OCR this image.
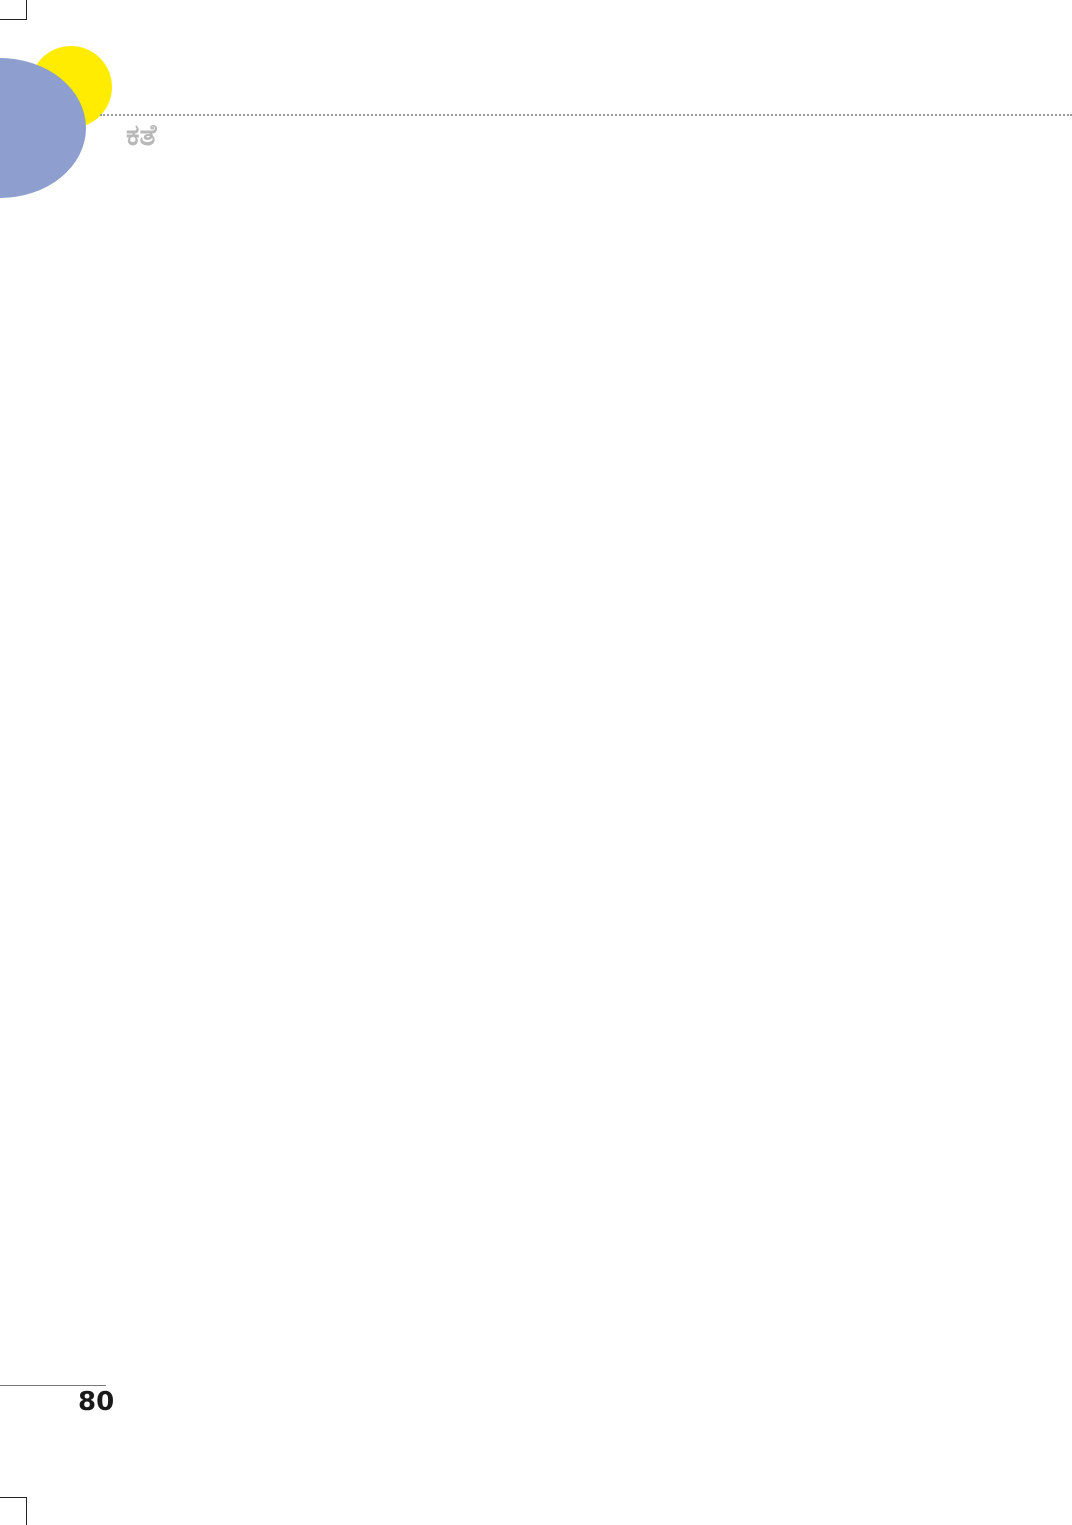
ಕತೆ
80
